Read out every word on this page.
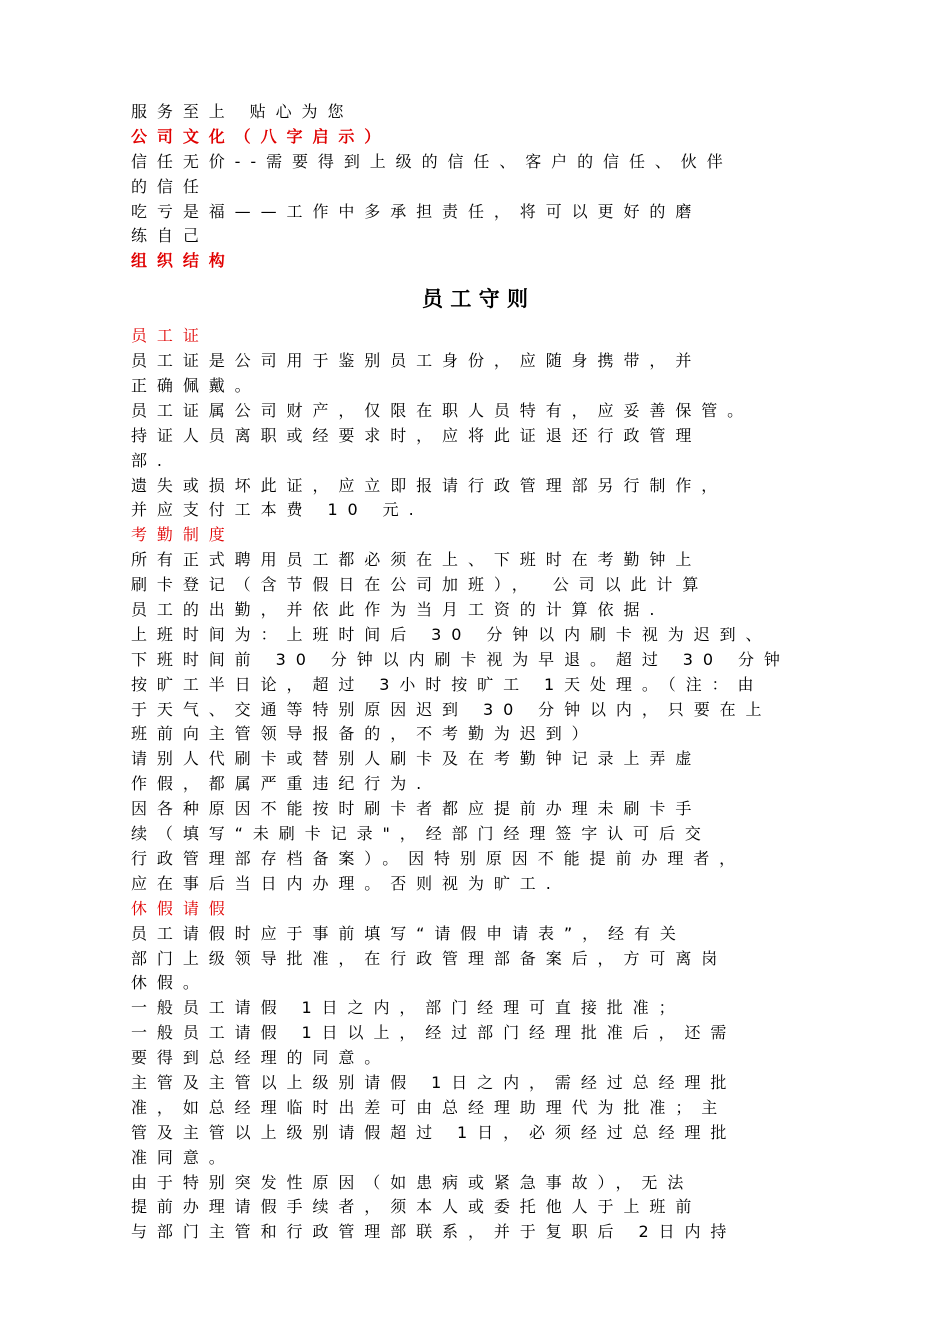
服务至上 贴心为您
公司文化（八字启示）
信任无价--需要得到上级的信任、客户的信任、伙伴
的信任
吃亏是福——工作中多承担责任，将可以更好的磨
练自己
组织结构
员工守则
员工证
员工证是公司用于鉴别员工身份，应随身携带，并
正确佩戴。
员工证属公司财产，仅限在职人员特有，应妥善保管。
持证人员离职或经要求时，应将此证退还行政管理
部.
遗失或损坏此证，应立即报请行政管理部另行制作，
并应支付工本费 10 元.
考勤制度
所有正式聘用员工都必须在上、下班时在考勤钟上
刷卡登记（含节假日在公司加班）， 公司以此计算
员工的出勤，并依此作为当月工资的计算依据.
上班时间为：上班时间后 30 分钟以内刷卡视为迟到、
下班时间前 30 分钟以内刷卡视为早退。超过 30 分钟
按旷工半日论，超过 3小时按旷工 1天处理。（注：由
于天气、交通等特别原因迟到 30 分钟以内，只要在上
班前向主管领导报备的，不考勤为迟到）
请别人代刷卡或替别人刷卡及在考勤钟记录上弄虚
作假，都属严重违纪行为.
因各种原因不能按时刷卡者都应提前办理未刷卡手
续（填写“未刷卡记录"，经部门经理签字认可后交
行政管理部存档备案）。因特别原因不能提前办理者，
应在事后当日内办理。否则视为旷工.
休假请假
员工请假时应于事前填写“请假申请表”，经有关
部门上级领导批准，在行政管理部备案后，方可离岗
休假。
一般员工请假 1日之内，部门经理可直接批准；
一般员工请假 1日以上，经过部门经理批准后，还需
要得到总经理的同意。
主管及主管以上级别请假 1日之内，需经过总经理批
准，如总经理临时出差可由总经理助理代为批准；主
管及主管以上级别请假超过 1日，必须经过总经理批
准同意。
由于特别突发性原因（如患病或紧急事故），无法
提前办理请假手续者，须本人或委托他人于上班前
与部门主管和行政管理部联系，并于复职后 2日内持
